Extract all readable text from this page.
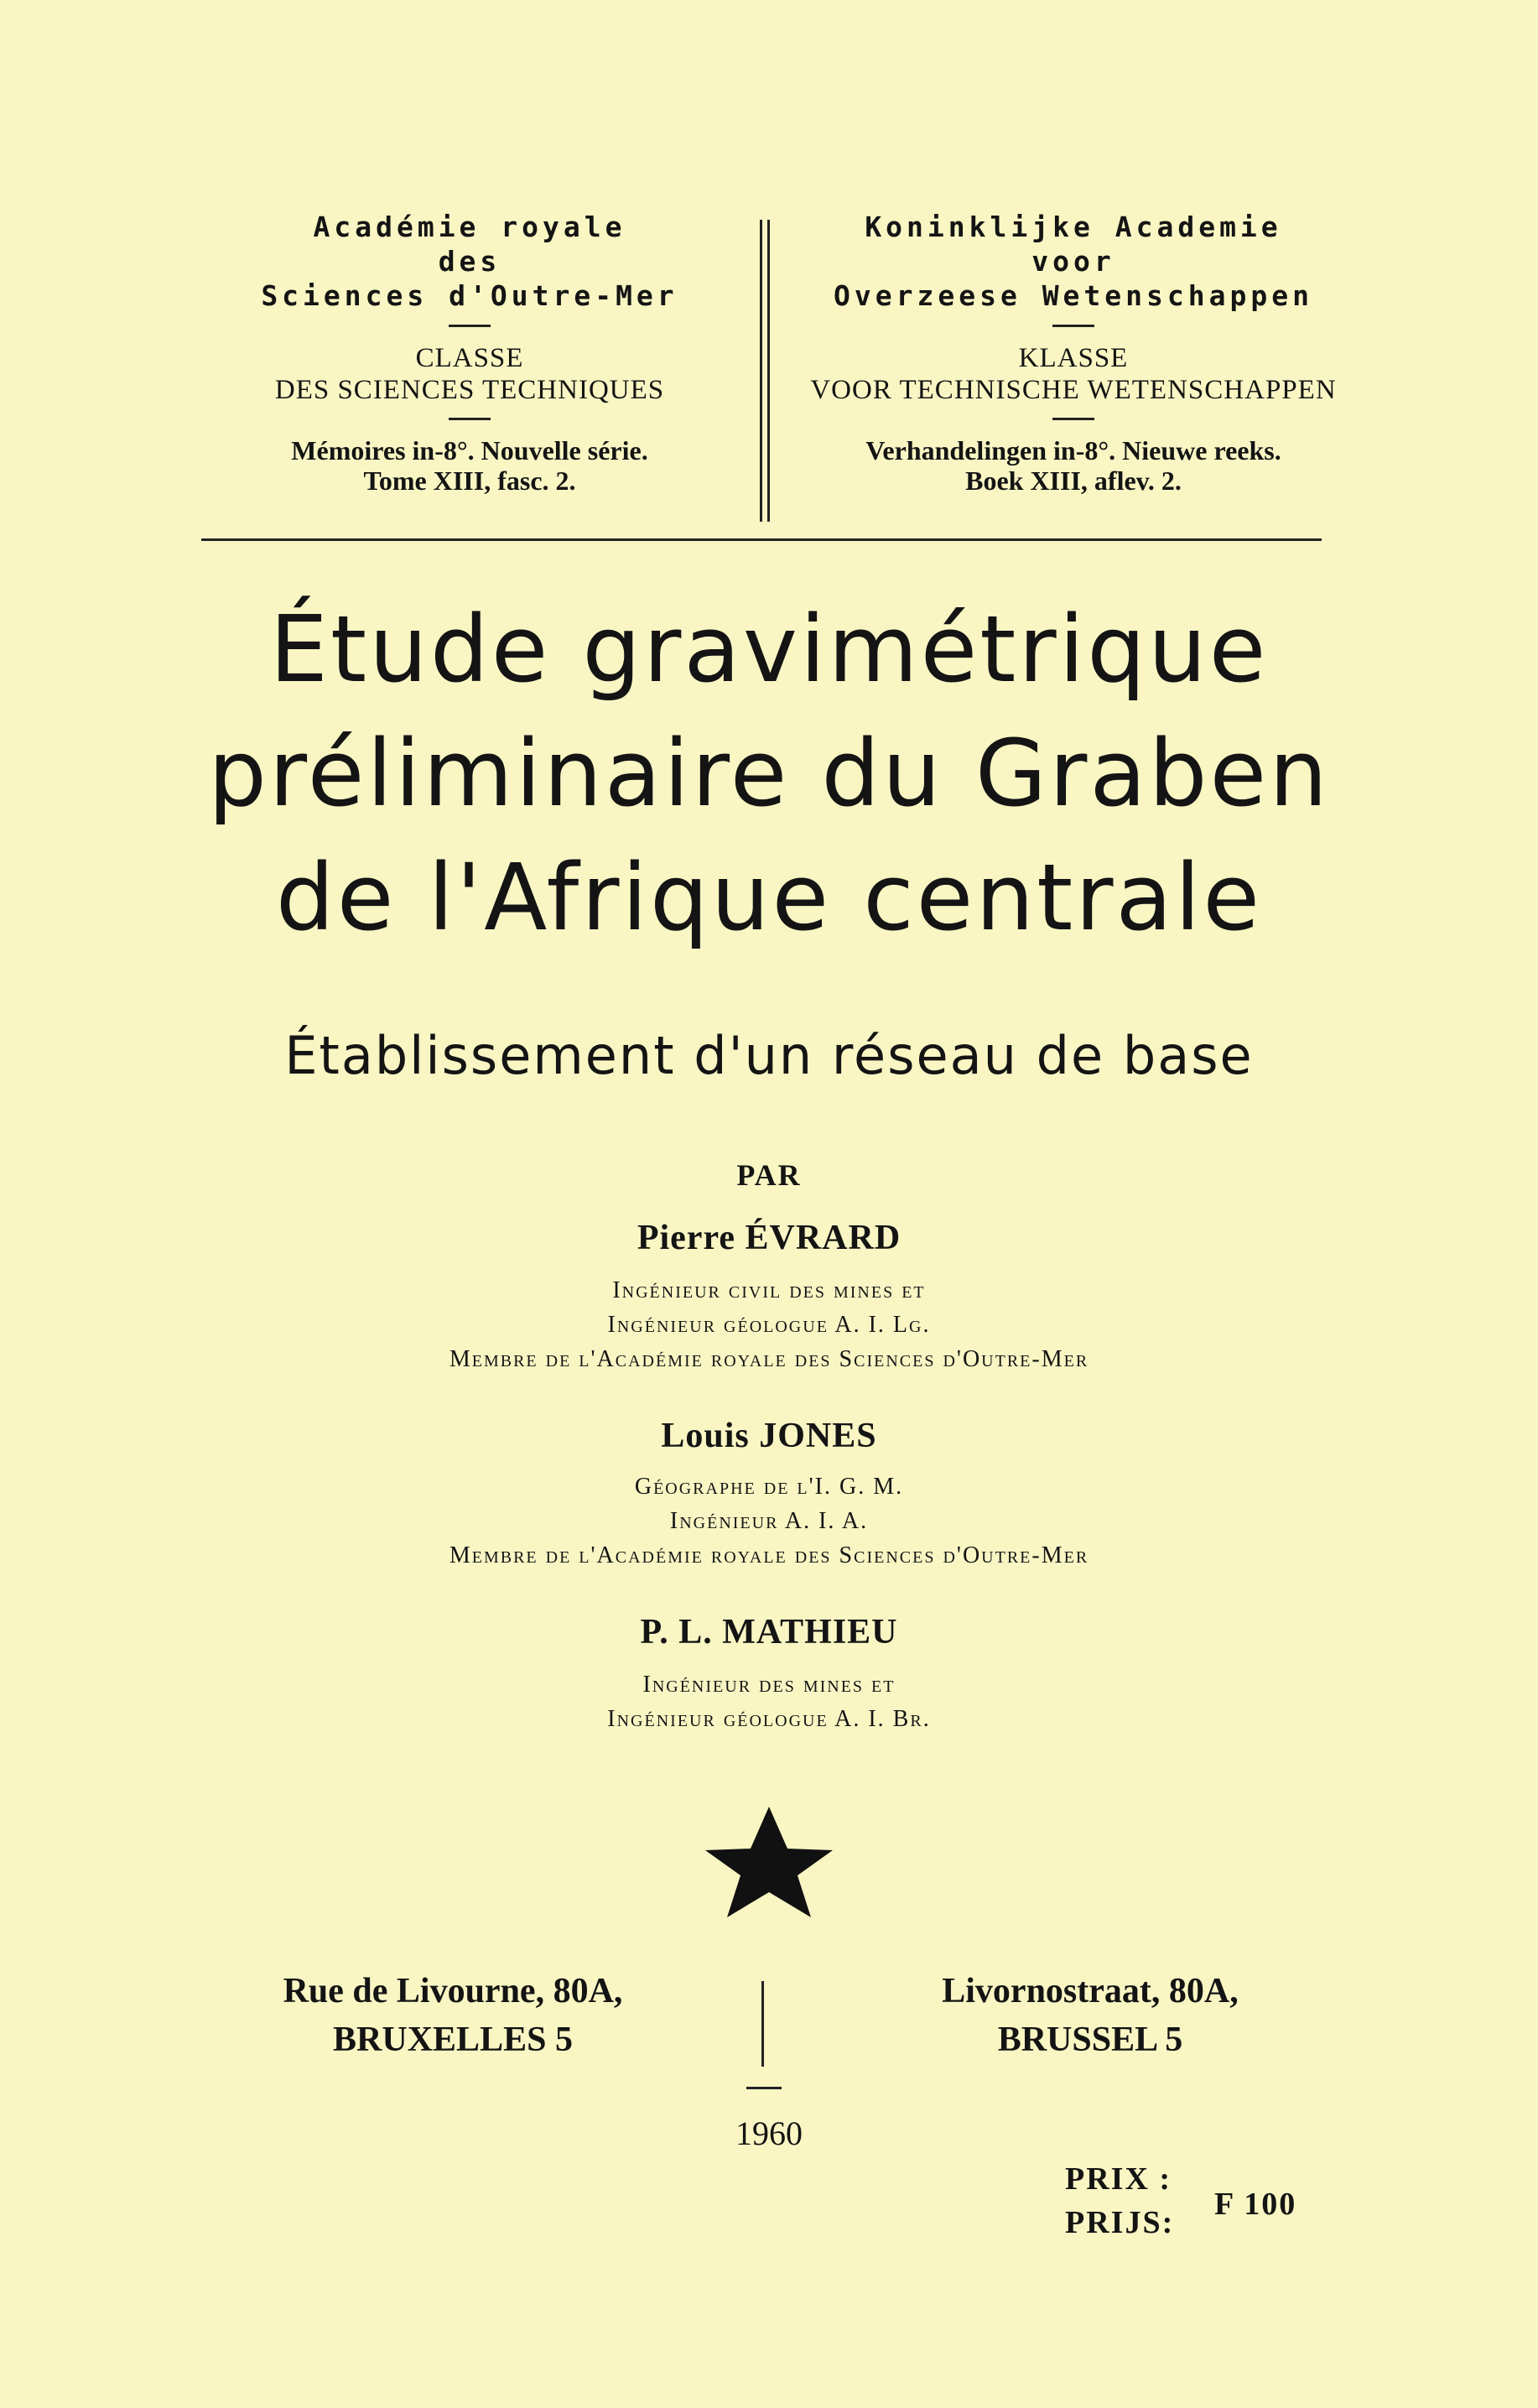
Académie royale
des
Sciences d'Outre-Mer
CLASSE
DES SCIENCES TECHNIQUES
Mémoires in-8°. Nouvelle série.
Tome XIII, fasc. 2.
Koninklijke Academie
voor
Overzeese Wetenschappen
KLASSE
VOOR TECHNISCHE WETENSCHAPPEN
Verhandelingen in-8°. Nieuwe reeks.
Boek XIII, aflev. 2.
Étude gravimétrique
préliminaire du Graben
de l'Afrique centrale
Établissement d'un réseau de base
PAR
Pierre ÉVRARD
Ingénieur civil des mines et
Ingénieur géologue A. I. Lg.
Membre de l'Académie royale des Sciences d'Outre-Mer
Louis JONES
Géographe de l'I. G. M.
Ingénieur A. I. A.
Membre de l'Académie royale des Sciences d'Outre-Mer
P. L. MATHIEU
Ingénieur des mines et
Ingénieur géologue A. I. Br.
Rue de Livourne, 80A,
BRUXELLES 5
Livornostraat, 80A,
BRUSSEL 5
1960
PRIX :
PRIJS:
F 100
